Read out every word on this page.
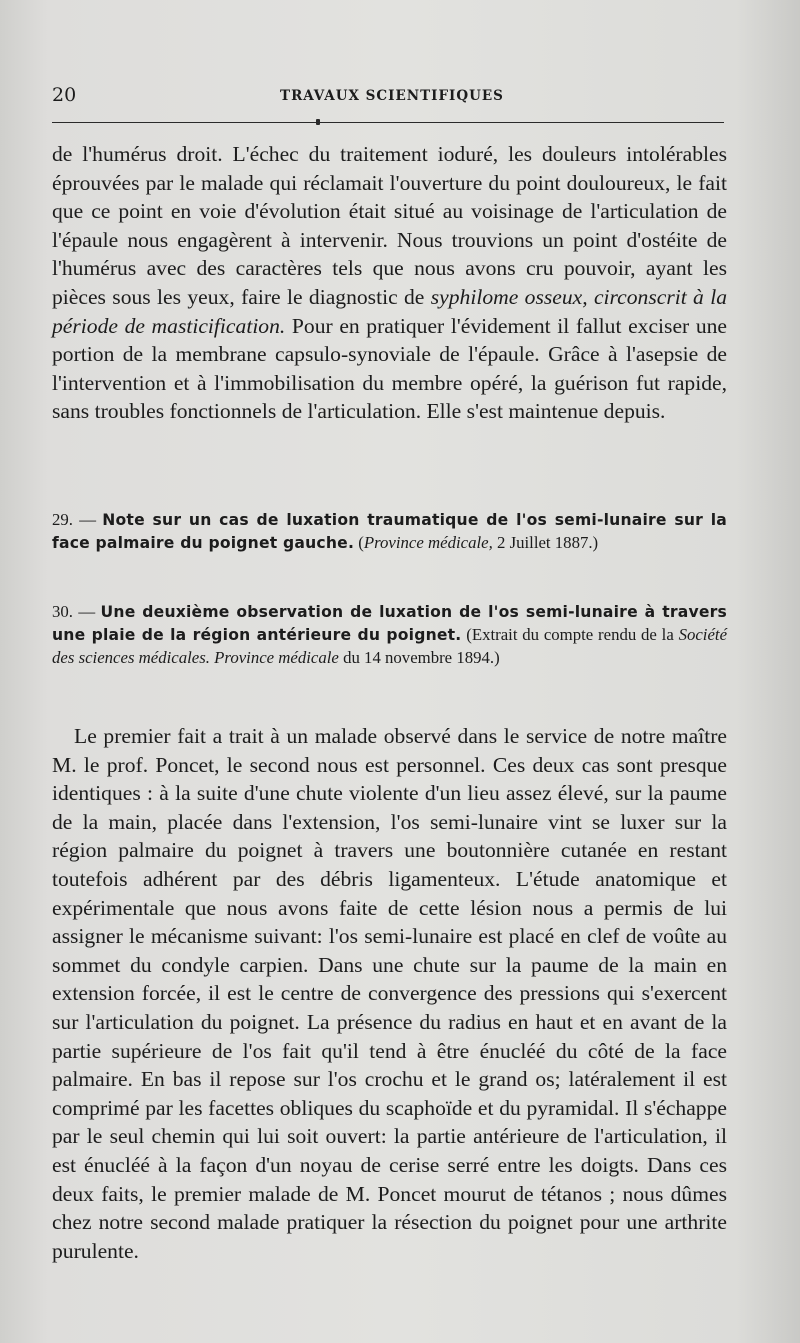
20	TRAVAUX SCIENTIFIQUES

de l'humérus droit. L'échec du traitement ioduré, les douleurs intolérables éprouvées par le malade qui réclamait l'ouverture du point douloureux, le fait que ce point en voie d'évolution était situé au voisinage de l'articulation de l'épaule nous engagèrent à intervenir. Nous trouvions un point d'ostéite de l'humérus avec des caractères tels que nous avons cru pouvoir, ayant les pièces sous les yeux, faire le diagnostic de syphilome osseux, circonscrit à la période de masticification. Pour en pratiquer l'évidement il fallut exciser une portion de la membrane capsulo-synoviale de l'épaule. Grâce à l'asepsie de l'intervention et à l'immobilisation du membre opéré, la guérison fut rapide, sans troubles fonctionnels de l'articulation. Elle s'est maintenue depuis.

29. — Note sur un cas de luxation traumatique de l'os semi-lunaire sur la face palmaire du poignet gauche. (Province médicale, 2 Juillet 1887.)

30. — Une deuxième observation de luxation de l'os semi-lunaire à travers une plaie de la région antérieure du poignet. (Extrait du compte rendu de la Société des sciences médicales. Province médicale du 14 novembre 1894.)

Le premier fait a trait à un malade observé dans le service de notre maître M. le prof. Poncet, le second nous est personnel. Ces deux cas sont presque identiques : à la suite d'une chute violente d'un lieu assez élevé, sur la paume de la main, placée dans l'extension, l'os semi-lunaire vint se luxer sur la région palmaire du poignet à travers une boutonnière cutanée en restant toutefois adhérent par des débris ligamenteux. L'étude anatomique et expérimentale que nous avons faite de cette lésion nous a permis de lui assigner le mécanisme suivant: l'os semi-lunaire est placé en clef de voûte au sommet du condyle carpien. Dans une chute sur la paume de la main en extension forcée, il est le centre de convergence des pressions qui s'exercent sur l'articulation du poignet. La présence du radius en haut et en avant de la partie supérieure de l'os fait qu'il tend à être énucléé du côté de la face palmaire. En bas il repose sur l'os crochu et le grand os; latéralement il est comprimé par les facettes obliques du scaphoïde et du pyramidal. Il s'échappe par le seul chemin qui lui soit ouvert: la partie antérieure de l'articulation, il est énucléé à la façon d'un noyau de cerise serré entre les doigts. Dans ces deux faits, le premier malade de M. Poncet mourut de tétanos ; nous dûmes chez notre second malade pratiquer la résection du poignet pour une arthrite purulente.
